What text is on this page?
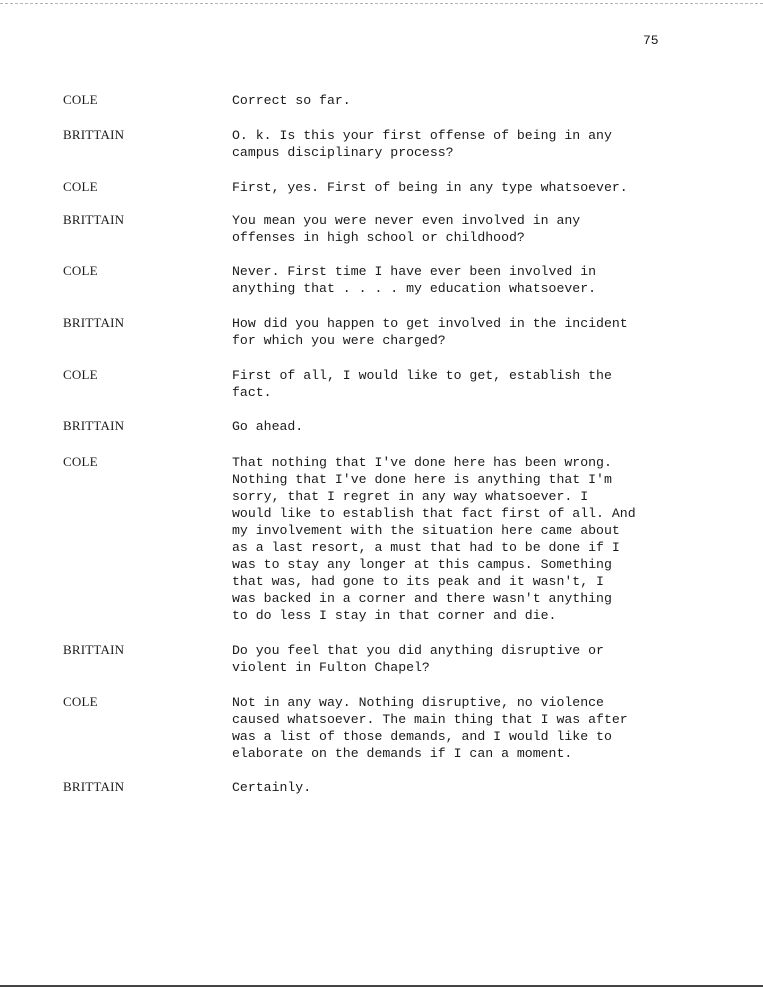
75
COLE	Correct so far.
BRITTAIN	O. k. Is this your first offense of being in any
campus disciplinary process?
COLE	First, yes. First of being in any type whatsoever.
BRITTAIN	You mean you were never even involved in any
offenses in high school or childhood?
COLE	Never. First time I have ever been involved in
anything that . . . . my education whatsoever.
BRITTAIN	How did you happen to get involved in the incident
for which you were charged?
COLE	First of all, I would like to get, establish the
fact.
BRITTAIN	Go ahead.
COLE	That nothing that I've done here has been wrong.
Nothing that I've done here is anything that I'm
sorry, that I regret in any way whatsoever. I
would like to establish that fact first of all. And
my involvement with the situation here came about
as a last resort, a must that had to be done if I
was to stay any longer at this campus. Something
that was, had gone to its peak and it wasn't, I
was backed in a corner and there wasn't anything
to do less I stay in that corner and die.
BRITTAIN	Do you feel that you did anything disruptive or
violent in Fulton Chapel?
COLE	Not in any way. Nothing disruptive, no violence
caused whatsoever. The main thing that I was after
was a list of those demands, and I would like to
elaborate on the demands if I can a moment.
BRITTAIN	Certainly.
